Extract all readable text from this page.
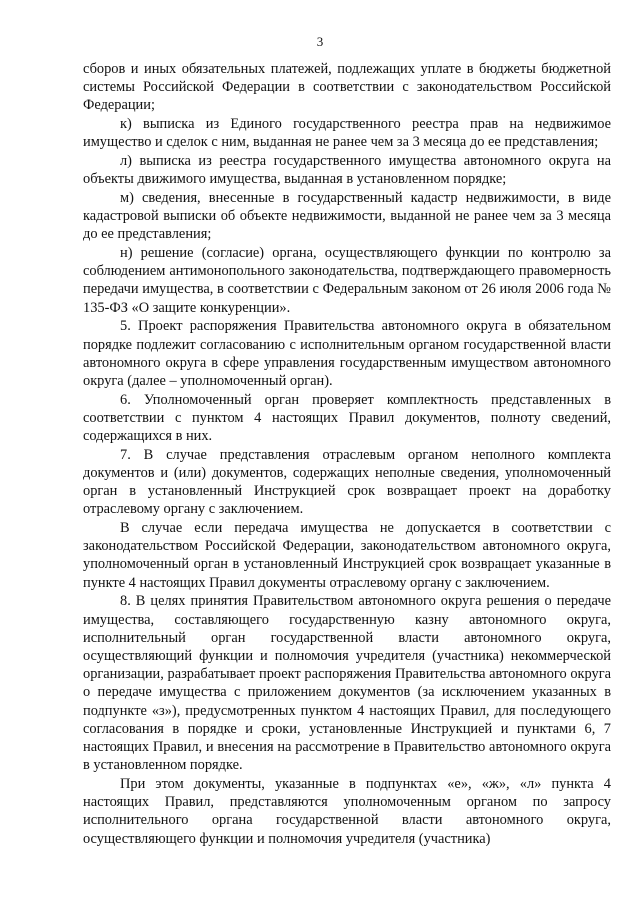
3

сборов и иных обязательных платежей, подлежащих уплате в бюджеты бюджетной системы Российской Федерации в соответствии с законодательством Российской Федерации;

к) выписка из Единого государственного реестра прав на недвижимое имущество и сделок с ним, выданная не ранее чем за 3 месяца до ее представления;

л) выписка из реестра государственного имущества автономного округа на объекты движимого имущества, выданная в установленном порядке;

м) сведения, внесенные в государственный кадастр недвижимости, в виде кадастровой выписки об объекте недвижимости, выданной не ранее чем за 3 месяца до ее представления;

н) решение (согласие) органа, осуществляющего функции по контролю за соблюдением антимонопольного законодательства, подтверждающего правомерность передачи имущества, в соответствии с Федеральным законом от 26 июля 2006 года № 135-ФЗ «О защите конкуренции».

5. Проект распоряжения Правительства автономного округа в обязательном порядке подлежит согласованию с исполнительным органом государственной власти автономного округа в сфере управления государственным имуществом автономного округа (далее – уполномоченный орган).

6. Уполномоченный орган проверяет комплектность представленных в соответствии с пунктом 4 настоящих Правил документов, полноту сведений, содержащихся в них.

7. В случае представления отраслевым органом неполного комплекта документов и (или) документов, содержащих неполные сведения, уполномоченный орган в установленный Инструкцией срок возвращает проект на доработку отраслевому органу с заключением.

В случае если передача имущества не допускается в соответствии с законодательством Российской Федерации, законодательством автономного округа, уполномоченный орган в установленный Инструкцией срок возвращает указанные в пункте 4 настоящих Правил документы отраслевому органу с заключением.

8. В целях принятия Правительством автономного округа решения о передаче имущества, составляющего государственную казну автономного округа, исполнительный орган государственной власти автономного округа, осуществляющий функции и полномочия учредителя (участника) некоммерческой организации, разрабатывает проект распоряжения Правительства автономного округа о передаче имущества с приложением документов (за исключением указанных в подпункте «з»), предусмотренных пунктом 4 настоящих Правил, для последующего согласования в порядке и сроки, установленные Инструкцией и пунктами 6, 7 настоящих Правил, и внесения на рассмотрение в Правительство автономного округа в установленном порядке.

При этом документы, указанные в подпунктах «е», «ж», «л» пункта 4 настоящих Правил, представляются уполномоченным органом по запросу исполнительного органа государственной власти автономного округа, осуществляющего функции и полномочия учредителя (участника)
